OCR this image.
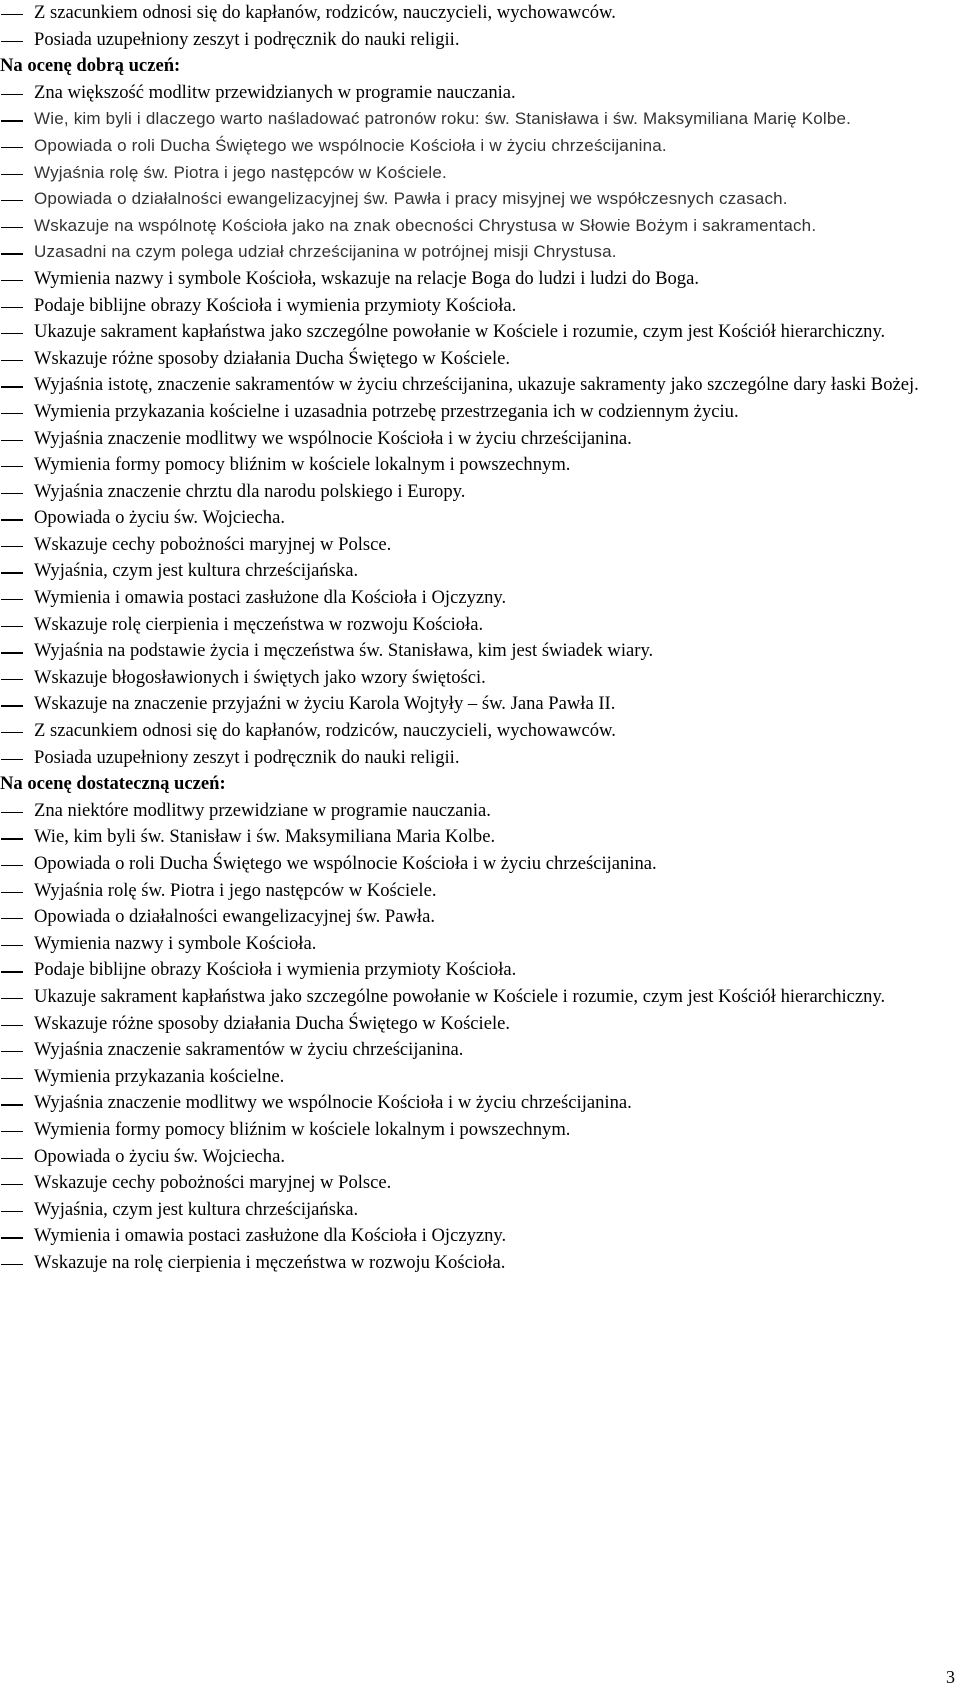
Z szacunkiem odnosi się do kapłanów, rodziców, nauczycieli, wychowawców.
Posiada uzupełniony zeszyt i podręcznik do nauki religii.
Na ocenę dobrą uczeń:
Zna większość modlitw przewidzianych w programie nauczania.
Wie, kim byli i dlaczego warto naśladować patronów roku: św. Stanisława i św. Maksymiliana Marię Kolbe.
Opowiada o roli Ducha Świętego we wspólnocie Kościoła i w życiu chrześcijanina.
Wyjaśnia rolę św. Piotra i jego następców w Kościele.
Opowiada o działalności ewangelizacyjnej św. Pawła i pracy misyjnej we współczesnych czasach.
Wskazuje na wspólnotę Kościoła jako na znak obecności Chrystusa w Słowie Bożym i sakramentach.
Uzasadni na czym polega udział chrześcijanina w potrójnej misji Chrystusa.
Wymienia nazwy i symbole Kościoła, wskazuje na relacje Boga do ludzi i ludzi do Boga.
Podaje biblijne obrazy Kościoła i wymienia przymioty Kościoła.
Ukazuje sakrament kapłaństwa jako szczególne powołanie w Kościele i rozumie, czym jest Kościół hierarchiczny.
Wskazuje różne sposoby działania Ducha Świętego w Kościele.
Wyjaśnia istotę, znaczenie sakramentów w życiu chrześcijanina, ukazuje sakramenty jako szczególne dary łaski Bożej.
Wymienia przykazania kościelne i uzasadnia potrzebę przestrzegania ich w codziennym życiu.
Wyjaśnia znaczenie modlitwy we wspólnocie Kościoła i w życiu chrześcijanina.
Wymienia formy pomocy bliźnim w kościele lokalnym i powszechnym.
Wyjaśnia znaczenie chrztu dla narodu polskiego i Europy.
Opowiada o życiu św. Wojciecha.
Wskazuje cechy pobożności maryjnej w Polsce.
Wyjaśnia, czym jest kultura chrześcijańska.
Wymienia i omawia postaci zasłużone dla Kościoła i Ojczyzny.
Wskazuje rolę cierpienia i męczeństwa w rozwoju Kościoła.
Wyjaśnia na podstawie życia i męczeństwa św. Stanisława, kim jest świadek wiary.
Wskazuje błogosławionych i świętych jako wzory świętości.
Wskazuje na znaczenie przyjaźni w życiu Karola Wojtyły – św. Jana Pawła II.
Z szacunkiem odnosi się do kapłanów, rodziców, nauczycieli, wychowawców.
Posiada uzupełniony zeszyt i podręcznik do nauki religii.
Na ocenę dostateczną uczeń:
Zna niektóre modlitwy przewidziane w programie nauczania.
Wie, kim byli św. Stanisław i św. Maksymiliana Maria Kolbe.
Opowiada o roli Ducha Świętego we wspólnocie Kościoła i w życiu chrześcijanina.
Wyjaśnia rolę św. Piotra i jego następców w Kościele.
Opowiada o działalności ewangelizacyjnej św. Pawła.
Wymienia nazwy i symbole Kościoła.
Podaje biblijne obrazy Kościoła i wymienia przymioty Kościoła.
Ukazuje sakrament kapłaństwa jako szczególne powołanie w Kościele i rozumie, czym jest Kościół hierarchiczny.
Wskazuje różne sposoby działania Ducha Świętego w Kościele.
Wyjaśnia znaczenie sakramentów w życiu chrześcijanina.
Wymienia przykazania kościelne.
Wyjaśnia znaczenie modlitwy we wspólnocie Kościoła i w życiu chrześcijanina.
Wymienia formy pomocy bliźnim w kościele lokalnym i powszechnym.
Opowiada o życiu św. Wojciecha.
Wskazuje cechy pobożności maryjnej w Polsce.
Wyjaśnia, czym jest kultura chrześcijańska.
Wymienia i omawia postaci zasłużone dla Kościoła i Ojczyzny.
Wskazuje na rolę cierpienia i męczeństwa w rozwoju Kościoła.
3
